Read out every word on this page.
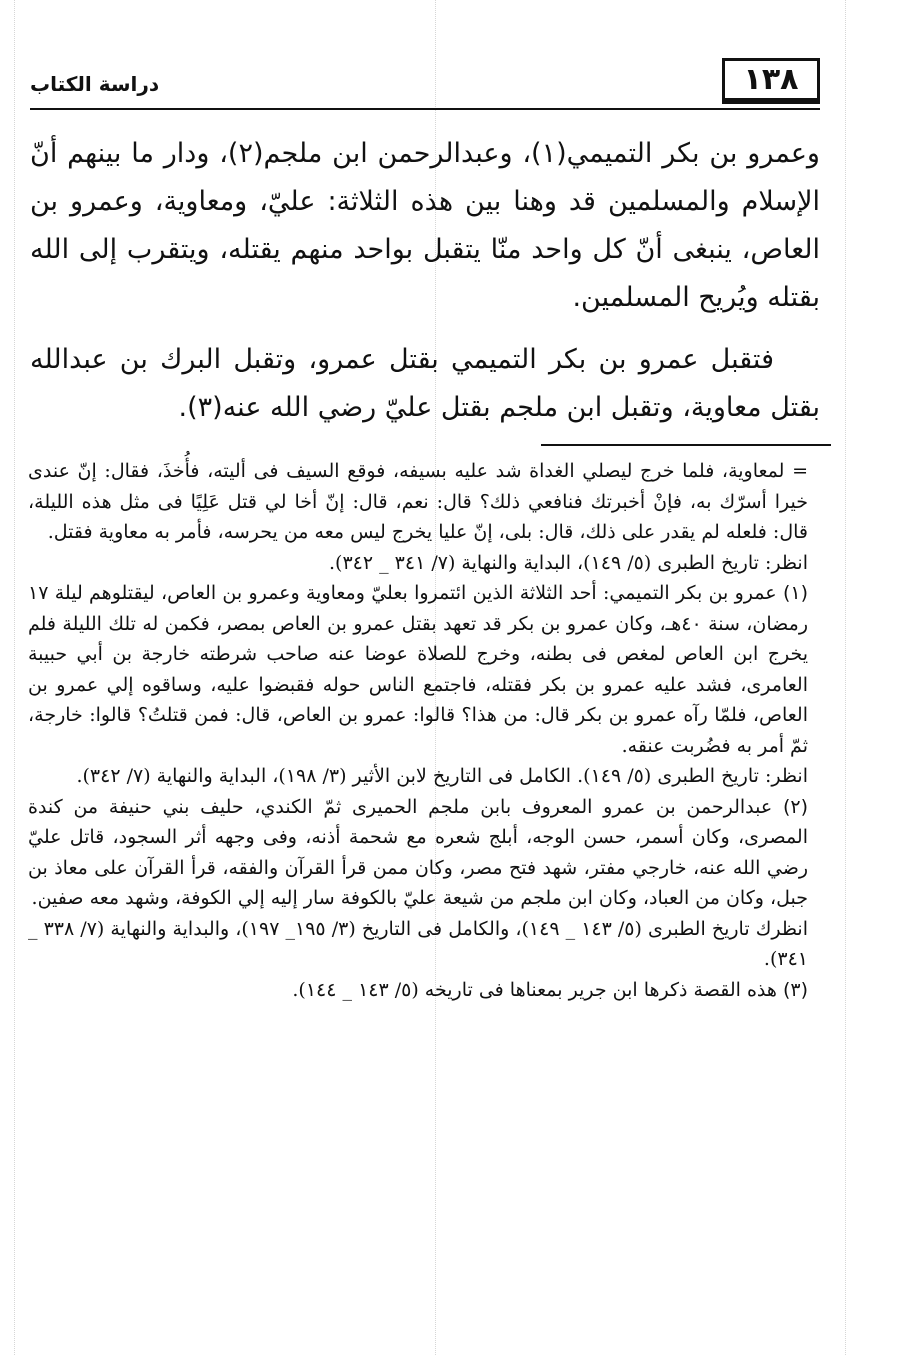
١٣٨
دراسة الكتاب

وعمرو بن بكر التميمي(١)، وعبدالرحمن ابن ملجم(٢)، ودار ما بينهم أنّ الإسلام والمسلمين قد وهنا بين هذه الثلاثة: عليّ، ومعاوية، وعمرو بن العاص، ينبغى أنّ كل واحد منّا يتقبل بواحد منهم يقتله، ويتقرب إلى الله بقتله ويُريح المسلمين.

فتقبل عمرو بن بكر التميمي بقتل عمرو، وتقبل البرك بن عبدالله بقتل معاوية، وتقبل ابن ملجم بقتل عليّ رضي الله عنه(٣).

= لمعاوية، فلما خرج ليصلي الغداة شد عليه بسيفه، فوقع السيف فى أليته، فأُخذَ، فقال: إنّ عندى خيرا أسرّك به، فإنْ أخبرتك فنافعي ذلك؟ قال: نعم، قال: إنّ أخا لي قتل عَلِيًا فى مثل هذه الليلة، قال: فلعله لم يقدر على ذلك، قال: بلى، إنّ عليا يخرج ليس معه من يحرسه، فأمر به معاوية فقتل.

انظر: تاريخ الطبرى (٥/ ١٤٩)، البداية والنهاية (٧/ ٣٤١ _ ٣٤٢).

(١) عمرو بن بكر التميمي: أحد الثلاثة الذين ائتمروا بعليّ ومعاوية وعمرو بن العاص، ليقتلوهم ليلة ١٧ رمضان، سنة ٤٠هـ، وكان عمرو بن بكر قد تعهد بقتل عمرو بن العاص بمصر، فكمن له تلك الليلة فلم يخرج ابن العاص لمغص فى بطنه، وخرج للصلاة عوضا عنه صاحب شرطته خارجة بن أبي حبيبة العامرى، فشد عليه عمرو بن بكر فقتله، فاجتمع الناس حوله فقبضوا عليه، وساقوه إلي عمرو بن العاص، فلمّا رآه عمرو بن بكر قال: من هذا؟ قالوا: عمرو بن العاص، قال: فمن قتلتُ؟ قالوا: خارجة، ثمّ أمر به فضُربت عنقه.

انظر: تاريخ الطبرى (٥/ ١٤٩). الكامل فى التاريخ لابن الأثير (٣/ ١٩٨)، البداية والنهاية (٧/ ٣٤٢).

(٢) عبدالرحمن بن عمرو المعروف بابن ملجم الحميرى ثمّ الكندي، حليف بني حنيفة من كندة المصرى، وكان أسمر، حسن الوجه، أبلج شعره مع شحمة أذنه، وفى وجهه أثر السجود، قاتل عليّ رضي الله عنه، خارجي مفتر، شهد فتح مصر، وكان ممن قرأ القرآن والفقه، قرأ القرآن على معاذ بن جبل، وكان من العباد، وكان ابن ملجم من شيعة عليّ بالكوفة سار إليه إلي الكوفة، وشهد معه صفين.

انظرك تاريخ الطبرى (٥/ ١٤٣ _ ١٤٩)، والكامل فى التاريخ (٣/ ١٩٥_ ١٩٧)، والبداية والنهاية (٧/ ٣٣٨ _ ٣٤١).

(٣) هذه القصة ذكرها ابن جرير بمعناها فى تاريخه (٥/ ١٤٣ _ ١٤٤).
